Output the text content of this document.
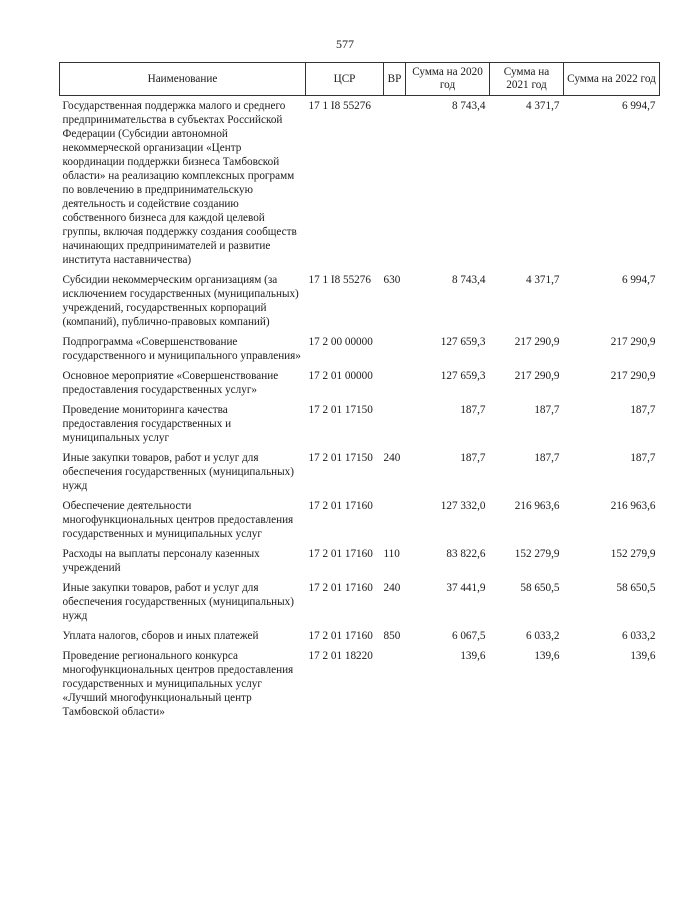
577
Наименование	ЦСР	ВР	Сумма на 2020 год	Сумма на 2021 год	Сумма на 2022 год
Государственная поддержка малого и среднего предпринимательства в субъектах Российской Федерации (Субсидии автономной некоммерческой организации «Центр координации поддержки бизнеса Тамбовской области» на реализацию комплексных программ по вовлечению в предпринимательскую деятельность и содействие созданию собственного бизнеса для каждой целевой группы, включая поддержку создания сообществ начинающих предпринимателей и развитие института наставничества)	17 1 I8 55276		8 743,4	4 371,7	6 994,7
Субсидии некоммерческим организациям (за исключением государственных (муниципальных) учреждений, государственных корпораций (компаний), публично-правовых компаний)	17 1 I8 55276	630	8 743,4	4 371,7	6 994,7
Подпрограмма «Совершенствование государственного и муниципального управления»	17 2 00 00000		127 659,3	217 290,9	217 290,9
Основное мероприятие «Совершенствование предоставления государственных услуг»	17 2 01 00000		127 659,3	217 290,9	217 290,9
Проведение мониторинга качества предоставления государственных и муниципальных услуг	17 2 01 17150		187,7	187,7	187,7
Иные закупки товаров, работ и услуг для обеспечения государственных (муниципальных) нужд	17 2 01 17150	240	187,7	187,7	187,7
Обеспечение деятельности многофункциональных центров предоставления государственных и муниципальных услуг	17 2 01 17160		127 332,0	216 963,6	216 963,6
Расходы на выплаты персоналу казенных учреждений	17 2 01 17160	110	83 822,6	152 279,9	152 279,9
Иные закупки товаров, работ и услуг для обеспечения государственных (муниципальных) нужд	17 2 01 17160	240	37 441,9	58 650,5	58 650,5
Уплата налогов, сборов и иных платежей	17 2 01 17160	850	6 067,5	6 033,2	6 033,2
Проведение регионального конкурса многофункциональных центров предоставления государственных и муниципальных услуг «Лучший многофункциональный центр Тамбовской области»	17 2 01 18220		139,6	139,6	139,6
